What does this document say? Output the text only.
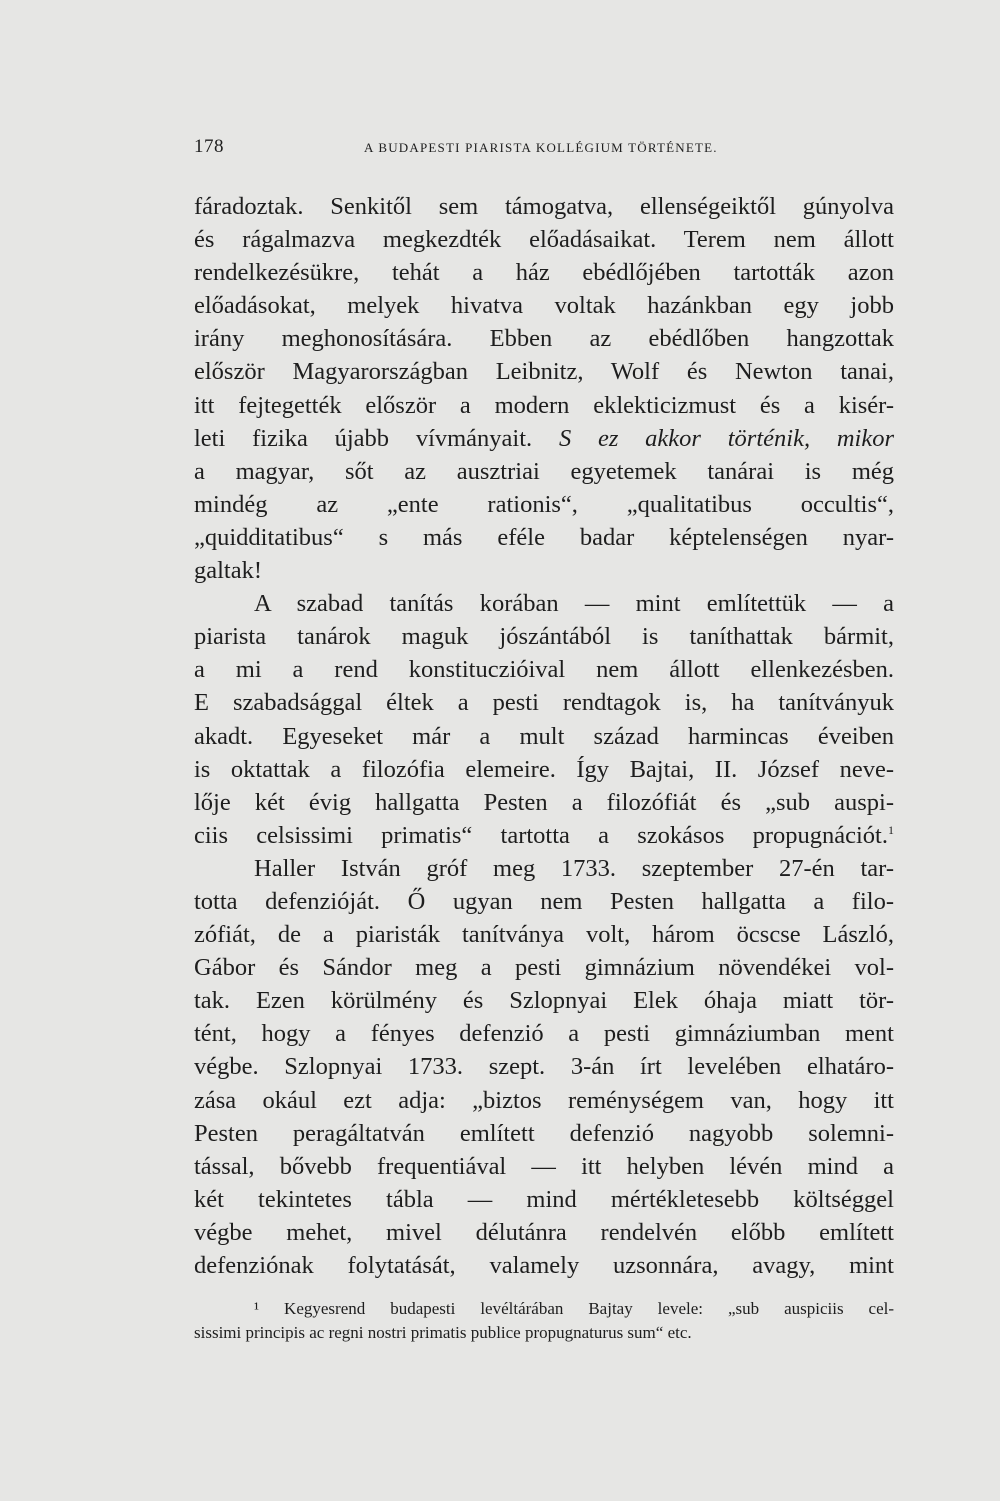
178	A BUDAPESTI PIARISTA KOLLÉGIUM TÖRTÉNETE.
fáradoztak. Senkitől sem támogatva, ellenségeiktől gúnyolva
és rágalmazva megkezdték előadásaikat. Terem nem állott
rendelkezésükre, tehát a ház ebédlőjében tartották azon
előadásokat, melyek hivatva voltak hazánkban egy jobb
irány meghonosítására. Ebben az ebédlőben hangzottak
először Magyarországban Leibnitz, Wolf és Newton tanai,
itt fejtegették először a modern eklekticizmust és a kisér-
leti fizika újabb vívmányait. S ez akkor történik, mikor
a magyar, sőt az ausztriai egyetemek tanárai is még
mindég az „ente rationis“, „qualitatibus occultis“,
„quidditatibus“ s más eféle badar képtelenségen nyar-
galtak!
A szabad tanítás korában — mint említettük — a
piarista tanárok maguk jószántából is taníthattak bármit,
a mi a rend konstituczióival nem állott ellenkezésben.
E szabadsággal éltek a pesti rendtagok is, ha tanítványuk
akadt. Egyeseket már a mult század harmincas éveiben
is oktattak a filozófia elemeire. Így Bajtai, II. József neve-
lője két évig hallgatta Pesten a filozófiát és „sub auspi-
ciis celsissimi primatis“ tartotta a szokásos propugnációt.$^1$
Haller István gróf meg 1733. szeptember 27-én tar-
totta defenzióját. Ő ugyan nem Pesten hallgatta a filo-
zófiát, de a piaristák tanítványa volt, három öcscse László,
Gábor és Sándor meg a pesti gimnázium növendékei vol-
tak. Ezen körülmény és Szlopnyai Elek óhaja miatt tör-
tént, hogy a fényes defenzió a pesti gimnáziumban ment
végbe. Szlopnyai 1733. szept. 3-án írt levelében elhatáro-
zása okául ezt adja: „biztos reménységem van, hogy itt
Pesten peragáltatván említett defenzió nagyobb solemni-
tással, bővebb frequentiával — itt helyben lévén mind a
két tekintetes tábla — mind mértékletesebb költséggel
végbe mehet, mivel délutánra rendelvén előbb említett
defenziónak folytatását, valamely uzsonnára, avagy, mint
¹ Kegyesrend budapesti levéltárában Bajtay levele: „sub auspiciis cel-
sissimi principis ac regni nostri primatis publice propugnaturus sum“ etc.
